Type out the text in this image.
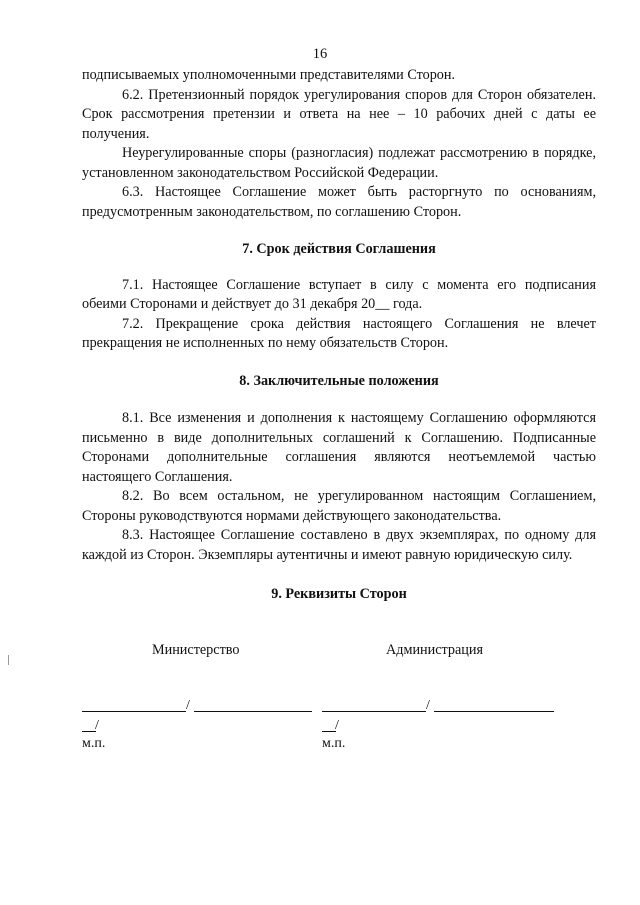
16

подписываемых уполномоченными представителями Сторон.

6.2. Претензионный порядок урегулирования споров для Сторон обязателен. Срок рассмотрения претензии и ответа на нее – 10 рабочих дней с даты ее получения.

Неурегулированные споры (разногласия) подлежат рассмотрению в порядке, установленном законодательством Российской Федерации.

6.3. Настоящее Соглашение может быть расторгнуто по основаниям, предусмотренным законодательством, по соглашению Сторон.

7. Срок действия Соглашения

7.1. Настоящее Соглашение вступает в силу с момента его подписания обеими Сторонами и действует до 31 декабря 20__ года.

7.2. Прекращение срока действия настоящего Соглашения не влечет прекращения не исполненных по нему обязательств Сторон.

8. Заключительные положения

8.1. Все изменения и дополнения к настоящему Соглашению оформляются письменно в виде дополнительных соглашений к Соглашению. Подписанные Сторонами дополнительные соглашения являются неотъемлемой частью настоящего Соглашения.

8.2. Во всем остальном, не урегулированном настоящим Соглашением, Стороны руководствуются нормами действующего законодательства.

8.3. Настоящее Соглашение составлено в двух экземплярах, по одному для каждой из Сторон. Экземпляры аутентичны и имеют равную юридическую силу.

9. Реквизиты Сторон

Министерство	Администрация
/	/
/	/
м.п.	м.п.
